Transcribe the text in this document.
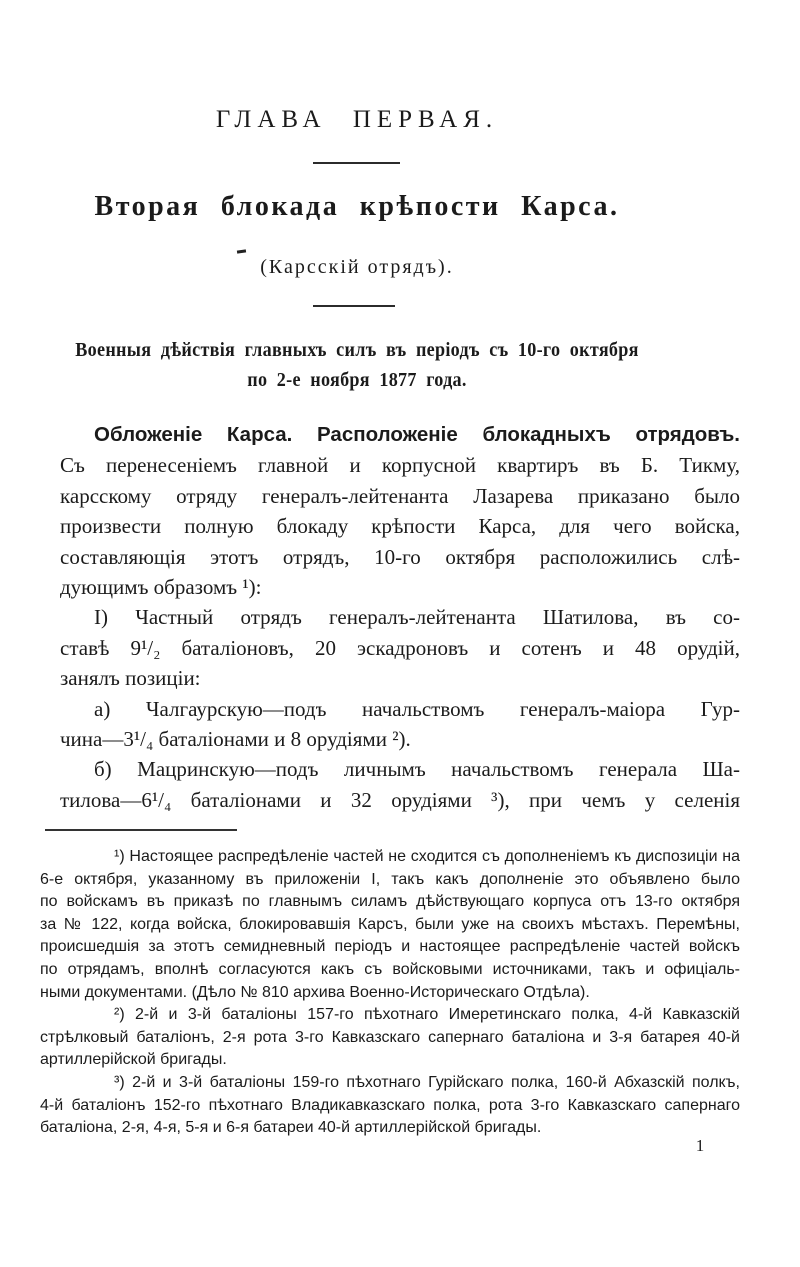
ГЛАВА ПЕРВАЯ.
Вторая блокада крѣпости Карса.
(Карсскій отрядъ).
Военныя дѣйствія главныхъ силъ въ періодъ съ 10-го октября
по 2-е ноября 1877 года.
Обложеніе Карса. Расположеніе блокадныхъ отрядовъ.
Съ перенесеніемъ главной и корпусной квартиръ въ Б. Тикму,
карсскому отряду генералъ-лейтенанта Лазарева приказано было
произвести полную блокаду крѣпости Карса, для чего войска,
составляющія этотъ отрядъ, 10-го октября расположились слѣ-
дующимъ образомъ ¹):
I) Частный отрядъ генералъ-лейтенанта Шатилова, въ со-
ставѣ 9¹/₂ баталіоновъ, 20 эскадроновъ и сотенъ и 48 орудій,
занялъ позиціи:
а) Чалгаурскую—подъ начальствомъ генералъ-маіора Гур-
чина—3¹/₄ баталіонами и 8 орудіями ²).
б) Мацринскую—подъ личнымъ начальствомъ генерала Ша-
тилова—6¹/₄ баталіонами и 32 орудіями ³), при чемъ у селенія
¹) Настоящее распредѣленіе частей не сходится съ дополненіемъ къ диспозиціи на
6-е октября, указанному въ приложеніи I, такъ какъ дополненіе это объявлено было
по войскамъ въ приказѣ по главнымъ силамъ дѣйствующаго корпуса отъ 13-го октября
за № 122, когда войска, блокировавшія Карсъ, были уже на своихъ мѣстахъ. Перемѣны,
происшедшія за этотъ семидневный періодъ и настоящее распредѣленіе частей войскъ
по отрядамъ, вполнѣ согласуются какъ съ войсковыми источниками, такъ и офиціаль-
ными документами. (Дѣло № 810 архива Военно-Историческаго Отдѣла).
²) 2-й и 3-й баталіоны 157-го пѣхотнаго Имеретинскаго полка, 4-й Кавказскій
стрѣлковый баталіонъ, 2-я рота 3-го Кавказскаго сапернаго баталіона и 3-я батарея 40-й
артиллерійской бригады.
³) 2-й и 3-й баталіоны 159-го пѣхотнаго Гурійскаго полка, 160-й Абхазскій полкъ,
4-й баталіонъ 152-го пѣхотнаго Владикавказскаго полка, рота 3-го Кавказскаго сапернаго
баталіона, 2-я, 4-я, 5-я и 6-я батареи 40-й артиллерійской бригады.
1
